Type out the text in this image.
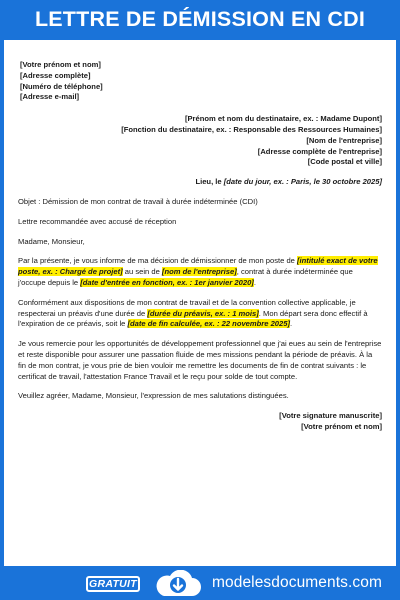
LETTRE DE DÉMISSION EN CDI
[Votre prénom et nom]
[Adresse complète]
[Numéro de téléphone]
[Adresse e-mail]
[Prénom et nom du destinataire, ex. : Madame Dupont]
[Fonction du destinataire, ex. : Responsable des Ressources Humaines]
[Nom de l'entreprise]
[Adresse complète de l'entreprise]
[Code postal et ville]
Lieu, le [date du jour, ex. : Paris, le 30 octobre 2025]
Objet : Démission de mon contrat de travail à durée indéterminée (CDI)
Lettre recommandée avec accusé de réception
Madame, Monsieur,
Par la présente, je vous informe de ma décision de démissionner de mon poste de [intitulé exact de votre poste, ex. : Chargé de projet] au sein de [nom de l'entreprise], contrat à durée indéterminée que j'occupe depuis le [date d'entrée en fonction, ex. : 1er janvier 2020].
Conformément aux dispositions de mon contrat de travail et de la convention collective applicable, je respecterai un préavis d'une durée de [durée du préavis, ex. : 1 mois]. Mon départ sera donc effectif à l'expiration de ce préavis, soit le [date de fin calculée, ex. : 22 novembre 2025].
Je vous remercie pour les opportunités de développement professionnel que j'ai eues au sein de l'entreprise et reste disponible pour assurer une passation fluide de mes missions pendant la période de préavis. À la fin de mon contrat, je vous prie de bien vouloir me remettre les documents de fin de contrat suivants : le certificat de travail, l'attestation France Travail et le reçu pour solde de tout compte.
Veuillez agréer, Madame, Monsieur, l'expression de mes salutations distinguées.
[Votre signature manuscrite]
[Votre prénom et nom]
GRATUIT	modelesdocuments.com
